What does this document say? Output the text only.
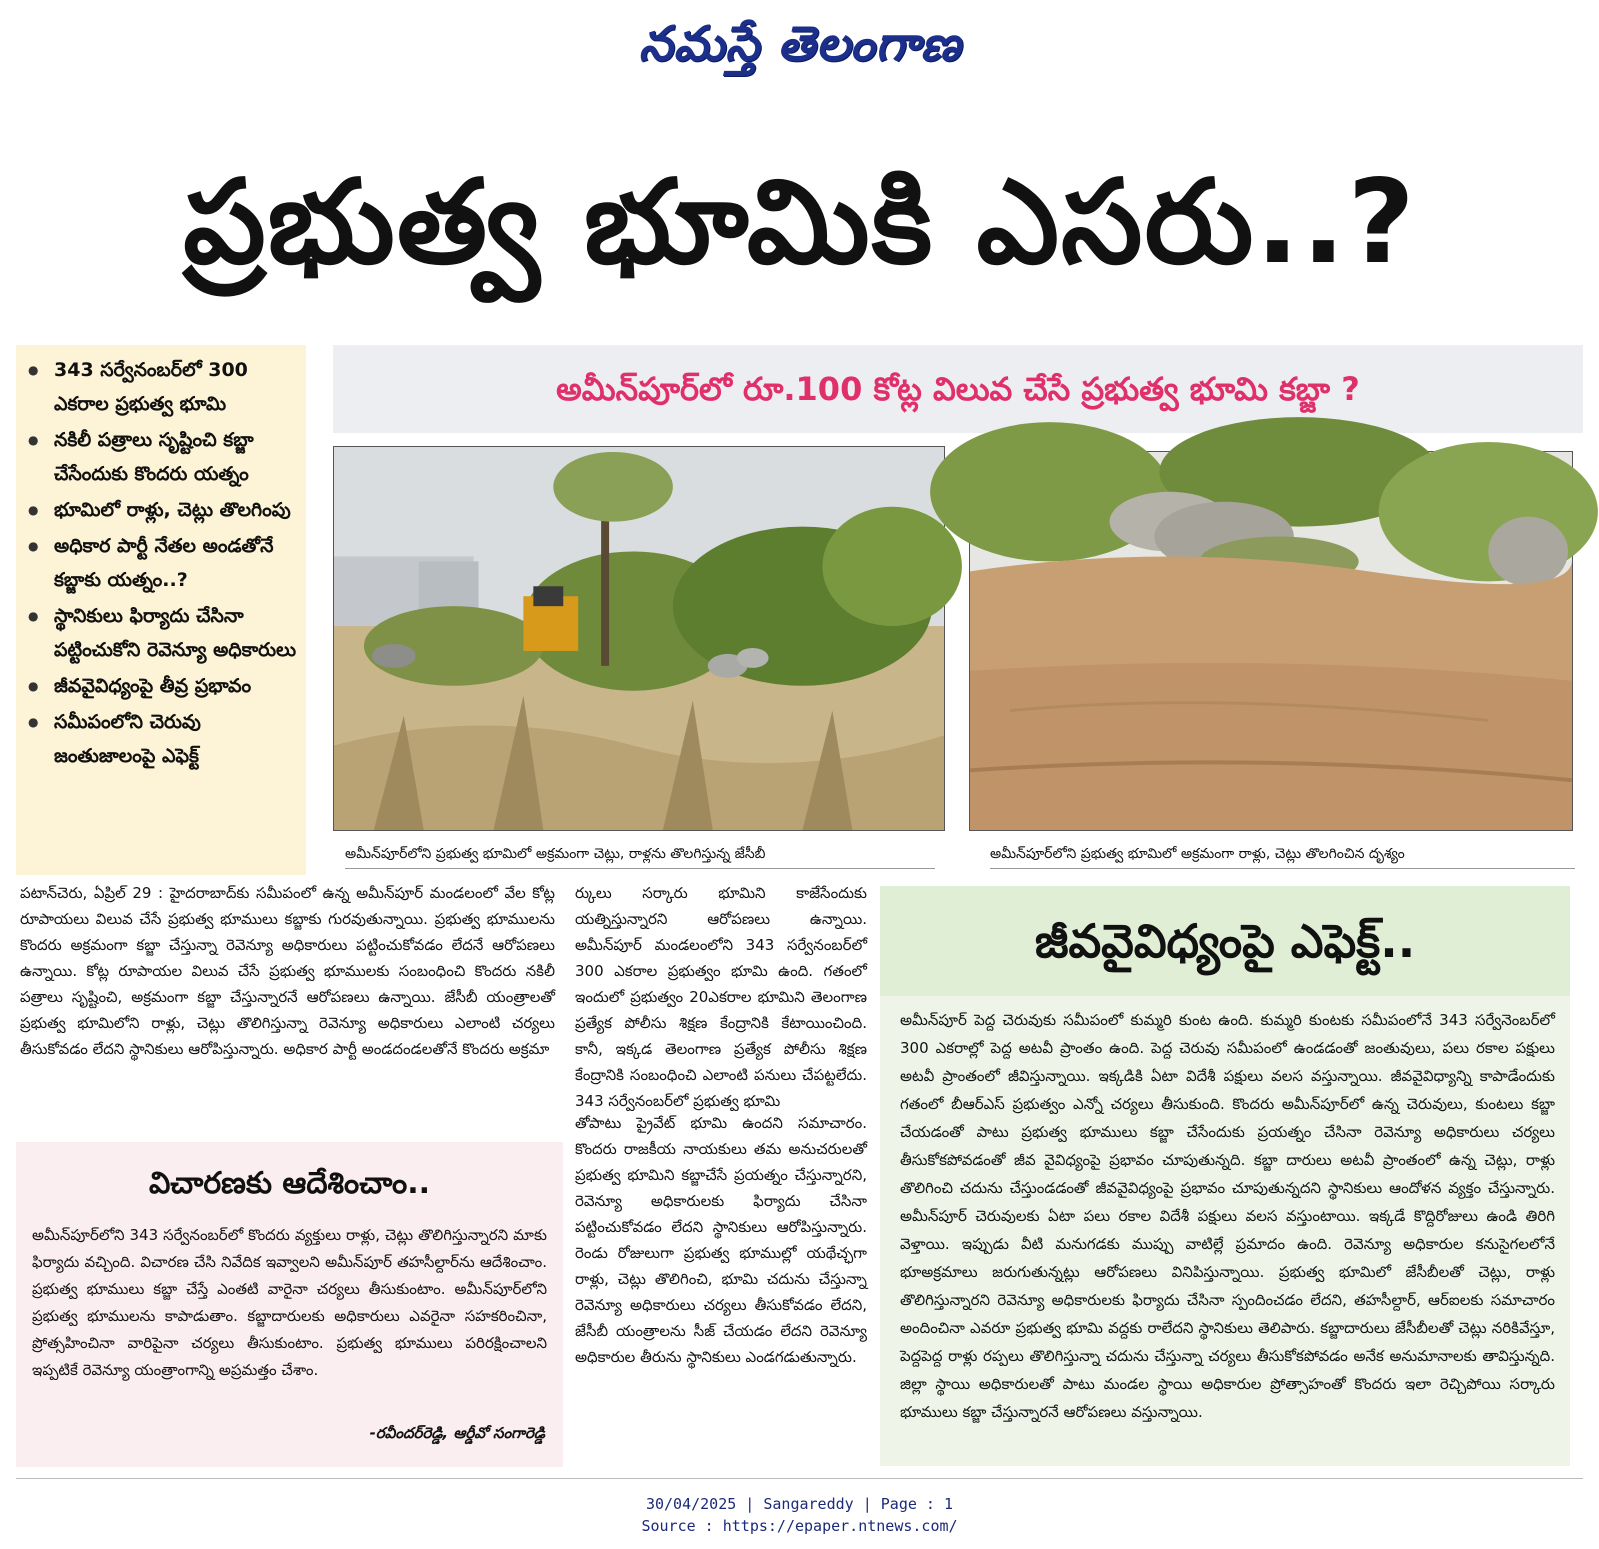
నమస్తే తెలంగాణ
ప్రభుత్వ భూమికి ఎసరు..?
● 343 సర్వేనంబర్‌లో 300 ఎకరాల ప్రభుత్వ భూమి
● నకిలీ పత్రాలు సృష్టించి కబ్జా చేసేందుకు కొందరు యత్నం
● భూమిలో రాళ్లు, చెట్లు తొలగింపు
● అధికార పార్టీ నేతల అండతోనే కబ్జాకు యత్నం..?
● స్థానికులు ఫిర్యాదు చేసినా పట్టించుకోని రెవెన్యూ అధికారులు
● జీవవైవిధ్యంపై తీవ్ర ప్రభావం
● సమీపంలోని చెరువు జంతుజాలంపై ఎఫెక్ట్‌
అమీన్‌పూర్‌లో రూ.100 కోట్ల విలువ చేసే ప్రభుత్వ భూమి కబ్జా ?
అమీన్‌పూర్‌లోని ప్రభుత్వ భూమిలో అక్రమంగా చెట్లు, రాళ్లను తొలగిస్తున్న జేసీబీ	అమీన్‌పూర్‌లోని ప్రభుత్వ భూమిలో అక్రమంగా రాళ్లు, చెట్లు తొలగించిన దృశ్యం

పటాన్‌చెరు, ఏప్రిల్‌ 29 : హైదరాబాద్‌కు సమీపంలో ఉన్న అమీన్‌పూర్‌ మండలంలో వేల కోట్ల రూపాయలు విలువ చేసే ప్రభుత్వ భూములు కబ్జాకు గురవుతున్నాయి. ప్రభుత్వ భూములను కొందరు అక్రమంగా కబ్జా చేస్తున్నా రెవెన్యూ అధికారులు పట్టించుకోవడం లేదనే ఆరోపణలు ఉన్నాయి. కోట్ల రూపాయల విలువ చేసే ప్రభుత్వ భూములకు సంబంధించి కొందరు నకిలీ పత్రాలు సృష్టించి, అక్రమంగా కబ్జా చేస్తున్నారనే ఆరోపణలు ఉన్నాయి. జేసీబీ యంత్రాలతో ప్రభుత్వ భూమిలోని రాళ్లు, చెట్లు తొలిగిస్తున్నా రెవెన్యూ అధికారులు ఎలాంటి చర్యలు తీసుకోవడం లేదని స్థానికులు ఆరోపిస్తున్నారు. అధికార పార్టీ అండదండలతోనే కొందరు అక్రమా

ర్కులు సర్కారు భూమిని కాజేసేందుకు యత్నిస్తున్నారని ఆరోపణలు ఉన్నాయి. అమీన్‌పూర్‌ మండలంలోని 343 సర్వేనంబర్‌లో 300 ఎకరాల ప్రభుత్వం భూమి ఉంది. గతంలో ఇందులో ప్రభుత్వం 20ఎకరాల భూమిని తెలంగాణ ప్రత్యేక పోలీసు శిక్షణ కేంద్రానికి కేటాయించింది. కానీ, ఇక్కడ తెలంగాణ ప్రత్యేక పోలీసు శిక్షణ కేంద్రానికి సంబంధించి ఎలాంటి పనులు చేపట్టలేదు. 343 సర్వేనంబర్‌లో ప్రభుత్వ భూమి

తోపాటు ప్రైవేట్‌ భూమి ఉందని సమాచారం. కొందరు రాజకీయ నాయకులు తమ అనుచరులతో ప్రభుత్వ భూమిని కబ్జాచేసే ప్రయత్నం చేస్తున్నారని, రెవెన్యూ అధికారులకు ఫిర్యాదు చేసినా పట్టించుకోవడం లేదని స్థానికులు ఆరోపిస్తున్నారు. రెండు రోజులుగా ప్రభుత్వ భూముల్లో యథేచ్ఛగా రాళ్లు, చెట్లు తొలిగించి, భూమి చదును చేస్తున్నా రెవెన్యూ అధికారులు చర్యలు తీసుకోవడం లేదని, జేసీబీ యంత్రాలను సీజ్‌ చేయడం లేదని రెవెన్యూ అధికారుల తీరును స్థానికులు ఎండగడుతున్నారు.

జీవవైవిధ్యంపై ఎఫెక్ట్‌..

అమీన్‌పూర్‌ పెద్ద చెరువుకు సమీపంలో కుమ్మరి కుంట ఉంది. కుమ్మరి కుంటకు సమీపంలోనే 343 సర్వేనెంబర్‌లో 300 ఎకరాల్లో పెద్ద అటవీ ప్రాంతం ఉంది. పెద్ద చెరువు సమీపంలో ఉండడంతో జంతువులు, పలు రకాల పక్షులు అటవీ ప్రాంతంలో జీవిస్తున్నాయి. ఇక్కడికి ఏటా విదేశీ పక్షులు వలస వస్తున్నాయి. జీవవైవిధ్యాన్ని కాపాడేందుకు గతంలో బీఆర్‌ఎస్‌ ప్రభుత్వం ఎన్నో చర్యలు తీసుకుంది. కొందరు అమీన్‌పూర్‌లో ఉన్న చెరువులు, కుంటలు కబ్జా చేయడంతో పాటు ప్రభుత్వ భూములు కబ్జా చేసేందుకు ప్రయత్నం చేసినా రెవెన్యూ అధికారులు చర్యలు తీసుకోకపోవడంతో జీవ వైవిధ్యంపై ప్రభావం చూపుతున్నది. కబ్జా దారులు అటవీ ప్రాంతంలో ఉన్న చెట్లు, రాళ్లు తొలిగించి చదును చేస్తుండడంతో జీవవైవిధ్యంపై ప్రభావం చూపుతున్నదని స్థానికులు ఆందోళన వ్యక్తం చేస్తున్నారు. అమీన్‌పూర్‌ చెరువులకు ఏటా పలు రకాల విదేశీ పక్షులు వలస వస్తుంటాయి. ఇక్కడే కొద్దిరోజులు ఉండి తిరిగి వెళ్తాయి. ఇప్పుడు వీటి మనుగడకు ముప్పు వాటిల్లే ప్రమాదం ఉంది. రెవెన్యూ అధికారుల కనుసైగలలోనే భూఅక్రమాలు జరుగుతున్నట్లు ఆరోపణలు వినిపిస్తున్నాయి. ప్రభుత్వ భూమిలో జేసీబీలతో చెట్లు, రాళ్లు తొలిగిస్తున్నారని రెవెన్యూ అధికారులకు ఫిర్యాదు చేసినా స్పందించడం లేదని, తహసీల్దార్‌, ఆర్‌ఐలకు సమాచారం అందించినా ఎవరూ ప్రభుత్వ భూమి వద్దకు రాలేదని స్థానికులు తెలిపారు. కబ్జాదారులు జేసీబీలతో చెట్లు నరికివేస్తూ, పెద్దపెద్ద రాళ్లు రప్పలు తొలిగిస్తున్నా చదును చేస్తున్నా చర్యలు తీసుకోకపోవడం అనేక అనుమానాలకు తావిస్తున్నది. జిల్లా స్థాయి అధికారులతో పాటు మండల స్థాయి అధికారుల ప్రోత్సాహంతో కొందరు ఇలా రెచ్చిపోయి సర్కారు భూములు కబ్జా చేస్తున్నారనే ఆరోపణలు వస్తున్నాయి.

విచారణకు ఆదేశించాం..

అమీన్‌పూర్‌లోని 343 సర్వేనంబర్‌లో కొందరు వ్యక్తులు రాళ్లు, చెట్లు తొలిగిస్తున్నారని మాకు ఫిర్యాదు వచ్చింది. విచారణ చేసి నివేదిక ఇవ్వాలని అమీన్‌పూర్‌ తహసీల్దార్‌ను ఆదేశించాం. ప్రభుత్వ భూములు కబ్జా చేస్తే ఎంతటి వారైనా చర్యలు తీసుకుంటాం. అమీన్‌పూర్‌లోని ప్రభుత్వ భూములను కాపాడుతాం. కబ్జాదారులకు అధికారులు ఎవరైనా సహకరించినా, ప్రోత్సహించినా వారిపైనా చర్యలు తీసుకుంటాం. ప్రభుత్వ భూములు పరిరక్షించాలని ఇప్పటికే రెవెన్యూ యంత్రాంగాన్ని అప్రమత్తం చేశాం.

-రవీందర్‌రెడ్డి, ఆర్డీవో సంగారెడ్డి
30/04/2025 | Sangareddy | Page : 1
Source : https://epaper.ntnews.com/
